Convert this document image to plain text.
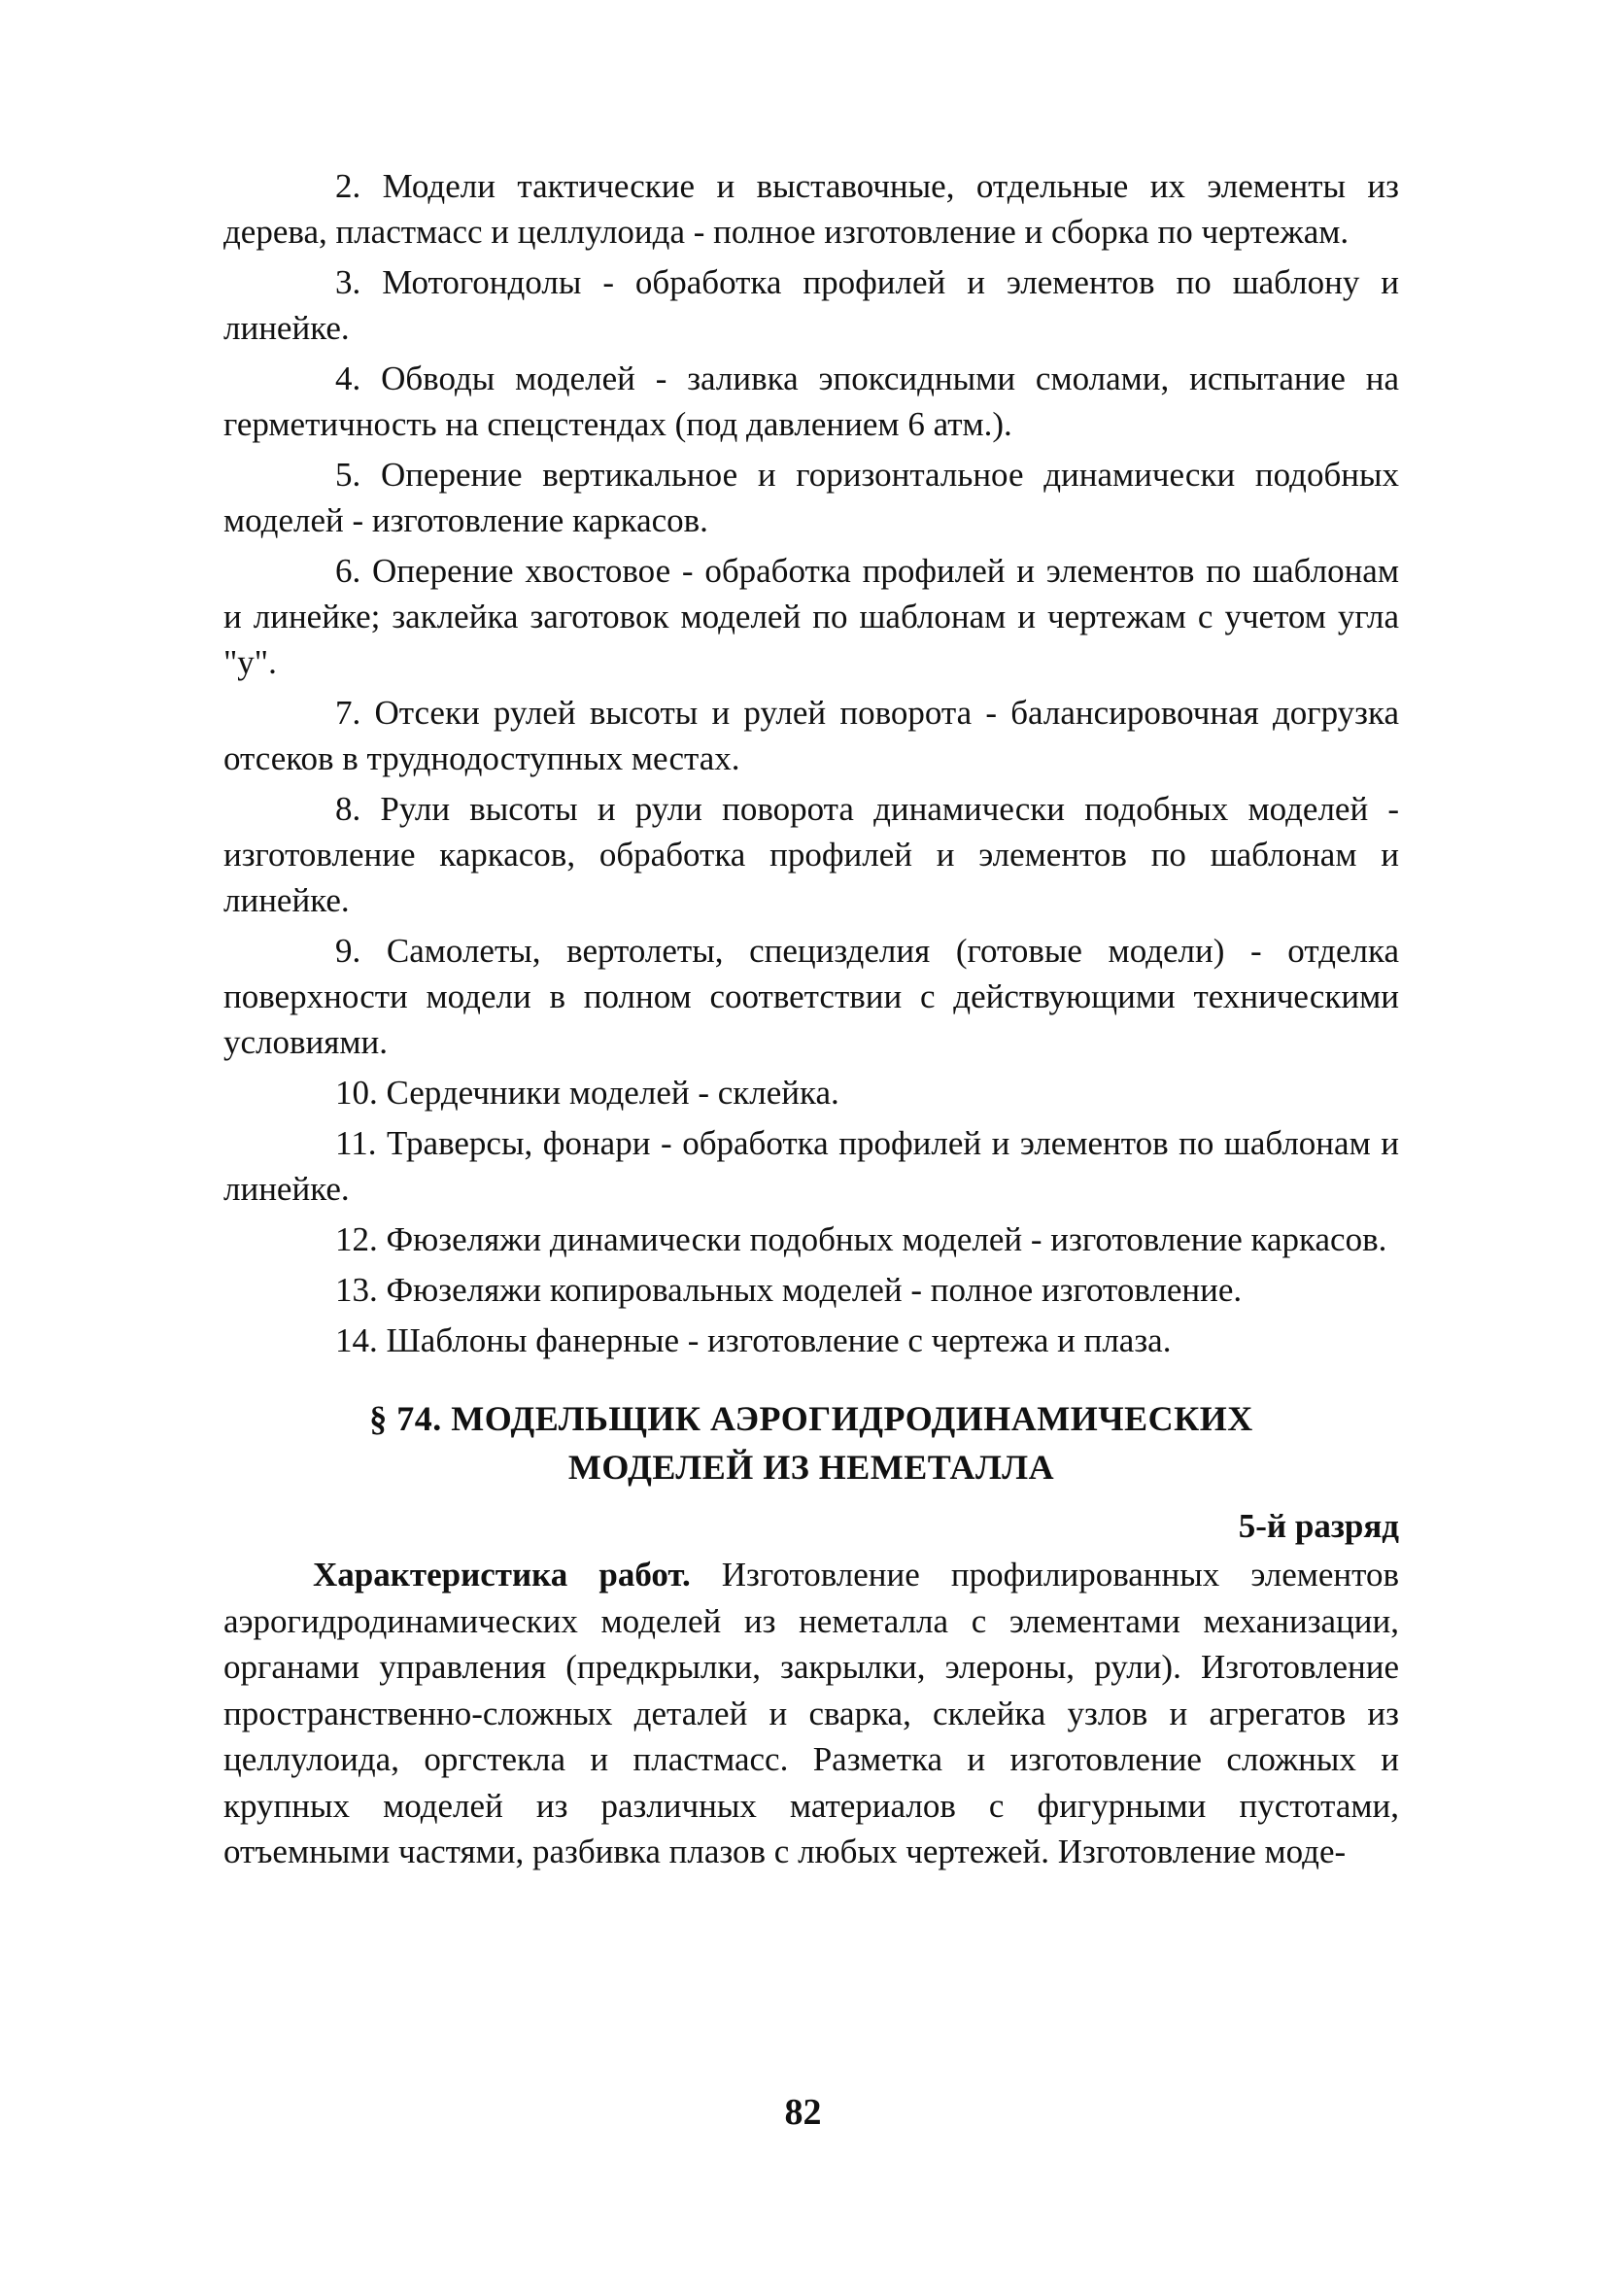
2. Модели тактические и выставочные, отдельные их элементы из дерева, пластмасс и целлулоида - полное изготовление и сборка по чертежам.

3. Мотогондолы - обработка профилей и элементов по шаблону и линейке.

4. Обводы моделей - заливка эпоксидными смолами, испытание на герметичность на спецстендах (под давлением 6 атм.).

5. Оперение вертикальное и горизонтальное динамически подобных моделей - изготовление каркасов.

6. Оперение хвостовое - обработка профилей и элементов по шаблонам и линейке; заклейка заготовок моделей по шаблонам и чертежам с учетом угла "у".

7. Отсеки рулей высоты и рулей поворота - балансировочная догрузка отсеков в труднодоступных местах.

8. Рули высоты и рули поворота динамически подобных моделей - изготовление каркасов, обработка профилей и элементов по шаблонам и линейке.

9. Самолеты, вертолеты, специзделия (готовые модели) - отделка поверхности модели в полном соответствии с действующими техническими условиями.

10. Сердечники моделей - склейка.

11. Траверсы, фонари - обработка профилей и элементов по шаблонам и линейке.

12. Фюзеляжи динамически подобных моделей - изготовление каркасов.

13. Фюзеляжи копировальных моделей - полное изготовление.

14. Шаблоны фанерные - изготовление с чертежа и плаза.

§ 74. МОДЕЛЬЩИК АЭРОГИДРОДИНАМИЧЕСКИХ
МОДЕЛЕЙ ИЗ НЕМЕТАЛЛА
5-й разряд

Характеристика работ. Изготовление профилированных элементов аэрогидродинамических моделей из неметалла с элементами механизации, органами управления (предкрылки, закрылки, элероны, рули). Изготовление пространственно-сложных деталей и сварка, склейка узлов и агрегатов из целлулоида, оргстекла и пластмасс. Разметка и изготовление сложных и крупных моделей из различных материалов с фигурными пустотами, отъемными частями, разбивка плазов с любых чертежей. Изготовление моде-

82
